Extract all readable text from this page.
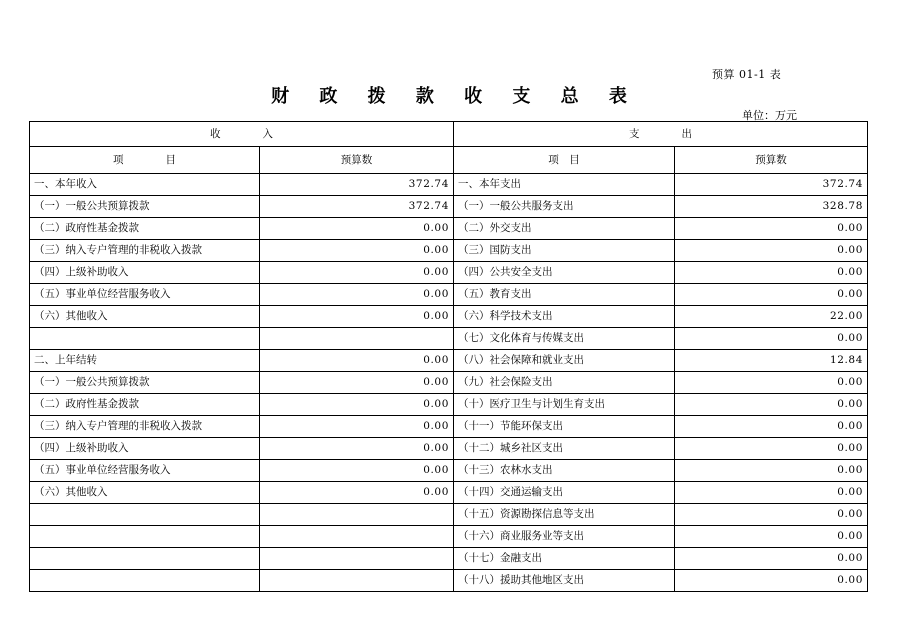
预算 01-1 表
财 政 拨 款 收 支 总 表
单位：万元
收　　　　入		支　　　　出	
项　　　　目	预算数	项　目	预算数
一、本年收入	372.74	一、本年支出	372.74
（一）一般公共预算拨款	372.74	（一）一般公共服务支出	328.78
（二）政府性基金拨款	0.00	（二）外交支出	0.00
（三）纳入专户管理的非税收入拨款	0.00	（三）国防支出	0.00
（四）上级补助收入	0.00	（四）公共安全支出	0.00
（五）事业单位经营服务收入	0.00	（五）教育支出	0.00
（六）其他收入	0.00	（六）科学技术支出	22.00
		（七）文化体育与传媒支出	0.00
二、上年结转	0.00	（八）社会保障和就业支出	12.84
（一）一般公共预算拨款	0.00	（九）社会保险支出	0.00
（二）政府性基金拨款	0.00	（十）医疗卫生与计划生育支出	0.00
（三）纳入专户管理的非税收入拨款	0.00	（十一）节能环保支出	0.00
（四）上级补助收入	0.00	（十二）城乡社区支出	0.00
（五）事业单位经营服务收入	0.00	（十三）农林水支出	0.00
（六）其他收入	0.00	（十四）交通运输支出	0.00
		（十五）资源勘探信息等支出	0.00
		（十六）商业服务业等支出	0.00
		（十七）金融支出	0.00
		（十八）援助其他地区支出	0.00
